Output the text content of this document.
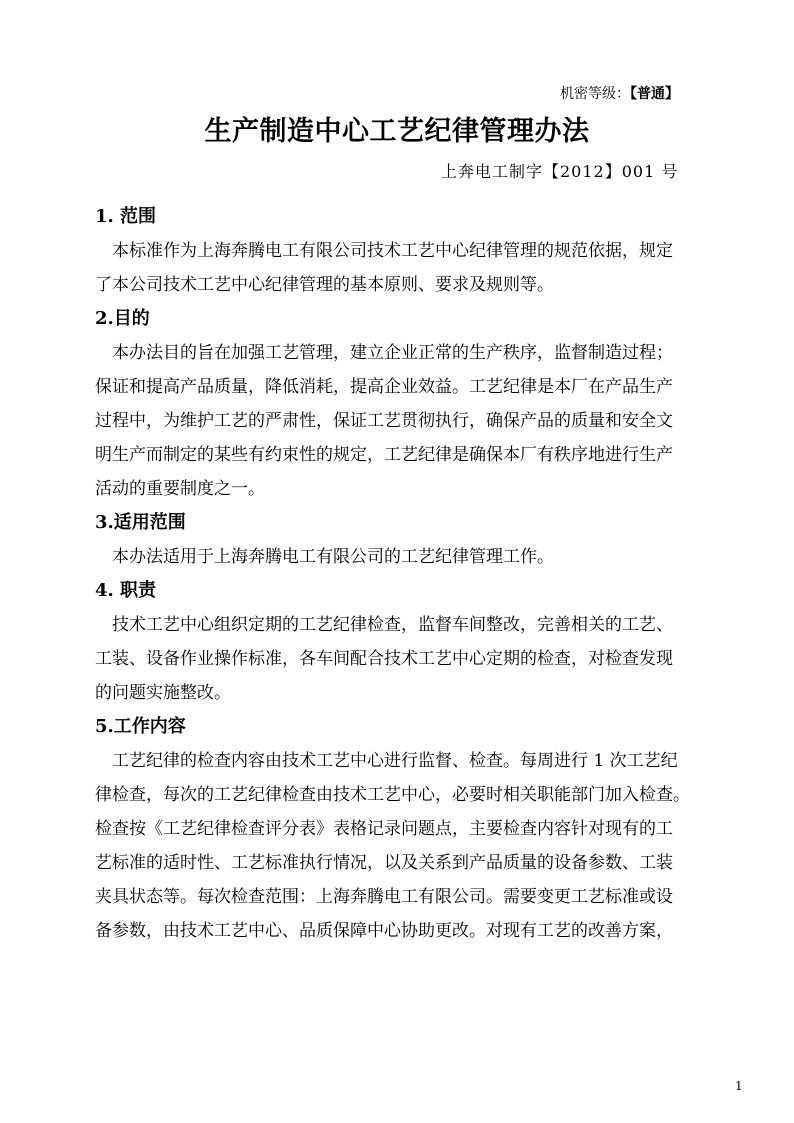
机密等级：【普通】
生产制造中心工艺纪律管理办法
上奔电工制字【2012】001 号
1. 范围
本标准作为上海奔腾电工有限公司技术工艺中心纪律管理的规范依据，规定
了本公司技术工艺中心纪律管理的基本原则、要求及规则等。
2.目的
本办法目的旨在加强工艺管理，建立企业正常的生产秩序，监督制造过程；
保证和提高产品质量，降低消耗，提高企业效益。工艺纪律是本厂在产品生产
过程中，为维护工艺的严肃性，保证工艺贯彻执行，确保产品的质量和安全文
明生产而制定的某些有约束性的规定，工艺纪律是确保本厂有秩序地进行生产
活动的重要制度之一。
3.适用范围
本办法适用于上海奔腾电工有限公司的工艺纪律管理工作。
4. 职责
技术工艺中心组织定期的工艺纪律检查，监督车间整改，完善相关的工艺、
工装、设备作业操作标准，各车间配合技术工艺中心定期的检查，对检查发现
的问题实施整改。
5.工作内容
工艺纪律的检查内容由技术工艺中心进行监督、检查。每周进行 1 次工艺纪
律检查，每次的工艺纪律检查由技术工艺中心，必要时相关职能部门加入检查。
检查按《工艺纪律检查评分表》表格记录问题点，主要检查内容针对现有的工
艺标准的适时性、工艺标准执行情况，以及关系到产品质量的设备参数、工装
夹具状态等。每次检查范围：上海奔腾电工有限公司。需要变更工艺标准或设
备参数，由技术工艺中心、品质保障中心协助更改。对现有工艺的改善方案，
1
